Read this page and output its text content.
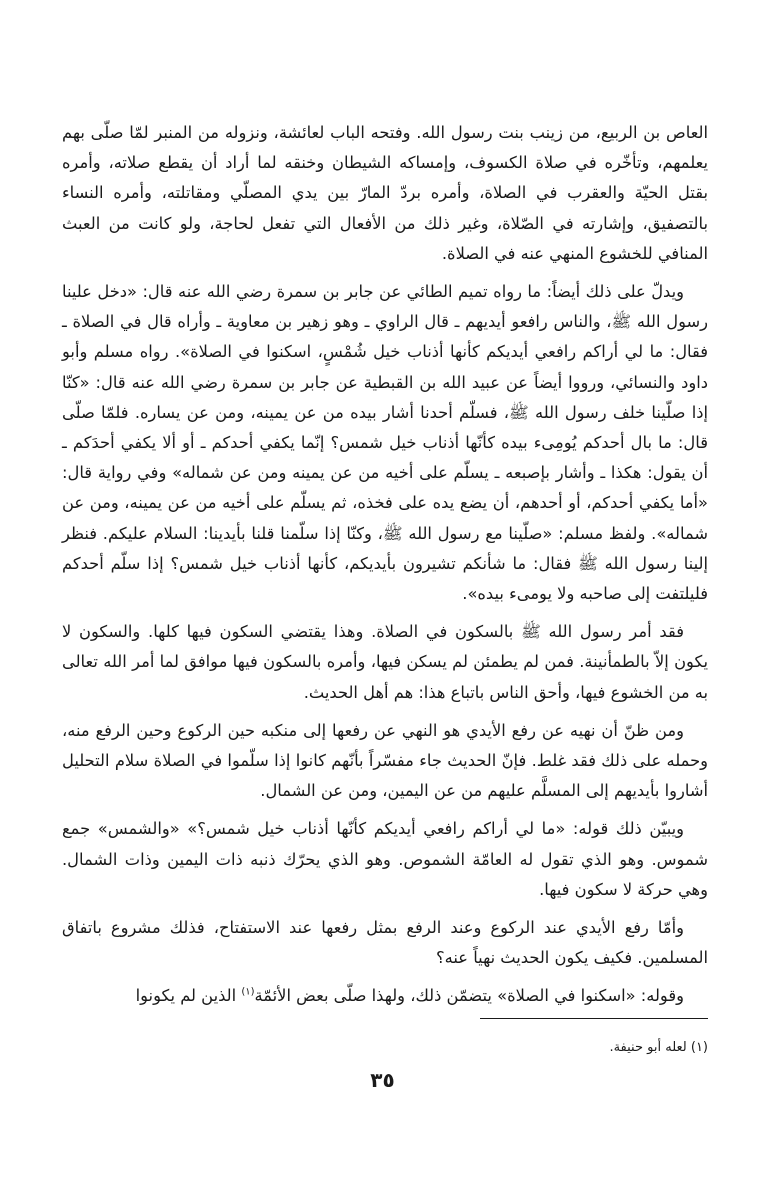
العاص بن الربيع، من زينب بنت رسول الله. وفتحه الباب لعائشة، ونزوله من المنبر لمّا صلّى بهم يعلمهم، وتأخّره في صلاة الكسوف، وإمساكه الشيطان وخنقه لما أراد أن يقطع صلاته، وأمره بقتل الحيّة والعقرب في الصلاة، وأمره بردّ المارّ بين يدي المصلّي ومقاتلته، وأمره النساء بالتصفيق، وإشارته في الصّلاة، وغير ذلك من الأفعال التي تفعل لحاجة، ولو كانت من العبث المنافي للخشوع المنهي عنه في الصلاة.

ويدلّ على ذلك أيضاً: ما رواه تميم الطائي عن جابر بن سمرة رضي الله عنه قال: «دخل علينا رسول الله ﷺ، والناس رافعو أيديهم ـ قال الراوي ـ وهو زهير بن معاوية ـ وأراه قال في الصلاة ـ فقال: ما لي أراكم رافعي أيديكم كأنها أذناب خيل شُمْسٍ، اسكنوا في الصلاة». رواه مسلم وأبو داود والنسائي، ورووا أيضاً عن عبيد الله بن القبطية عن جابر بن سمرة رضي الله عنه قال: «كنّا إذا صلّينا خلف رسول الله ﷺ، فسلّم أحدنا أشار بيده من عن يمينه، ومن عن يساره. فلمّا صلّى قال: ما بال أحدكم يُومِىء بيده كأنّها أذناب خيل شمس؟ إنّما يكفي أحدكم ـ أو ألا يكفي أحدَكم ـ أن يقول: هكذا ـ وأشار بإصبعه ـ يسلّم على أخيه من عن يمينه ومن عن شماله» وفي رواية قال: «أما يكفي أحدكم، أو أحدهم، أن يضع يده على فخذه، ثم يسلّم على أخيه من عن يمينه، ومن عن شماله». ولفظ مسلم: «صلّينا مع رسول الله ﷺ، وكنّا إذا سلّمنا قلنا بأيدينا: السلام عليكم. فنظر إلينا رسول الله ﷺ فقال: ما شأنكم تشيرون بأيديكم، كأنها أذناب خيل شمس؟ إذا سلّم أحدكم فليلتفت إلى صاحبه ولا يومىء بيده».

فقد أمر رسول الله ﷺ بالسكون في الصلاة. وهذا يقتضي السكون فيها كلها. والسكون لا يكون إلاّ بالطمأنينة. فمن لم يطمئن لم يسكن فيها، وأمره بالسكون فيها موافق لما أمر الله تعالى به من الخشوع فيها، وأحق الناس باتباع هذا: هم أهل الحديث.

ومن ظنّ أن نهيه عن رفع الأيدي هو النهي عن رفعها إلى منكبه حين الركوع وحين الرفع منه، وحمله على ذلك فقد غلط. فإنّ الحديث جاء مفسّراً بأنّهم كانوا إذا سلّموا في الصلاة سلام التحليل أشاروا بأيديهم إلى المسلَّم عليهم من عن اليمين، ومن عن الشمال.

ويبيّن ذلك قوله: «ما لي أراكم رافعي أيديكم كأنّها أذناب خيل شمس؟» «والشمس» جمع شموس. وهو الذي تقول له العامّة الشموص. وهو الذي يحرّك ذنبه ذات اليمين وذات الشمال. وهي حركة لا سكون فيها.

وأمّا رفع الأيدي عند الركوع وعند الرفع بمثل رفعها عند الاستفتاح، فذلك مشروع باتفاق المسلمين. فكيف يكون الحديث نهياً عنه؟

وقوله: «اسكنوا في الصلاة» يتضمّن ذلك، ولهذا صلّى بعض الأئمّة$^{(١)}$ الذين لم يكونوا

(١) لعله أبو حنيفة.
٣٥
